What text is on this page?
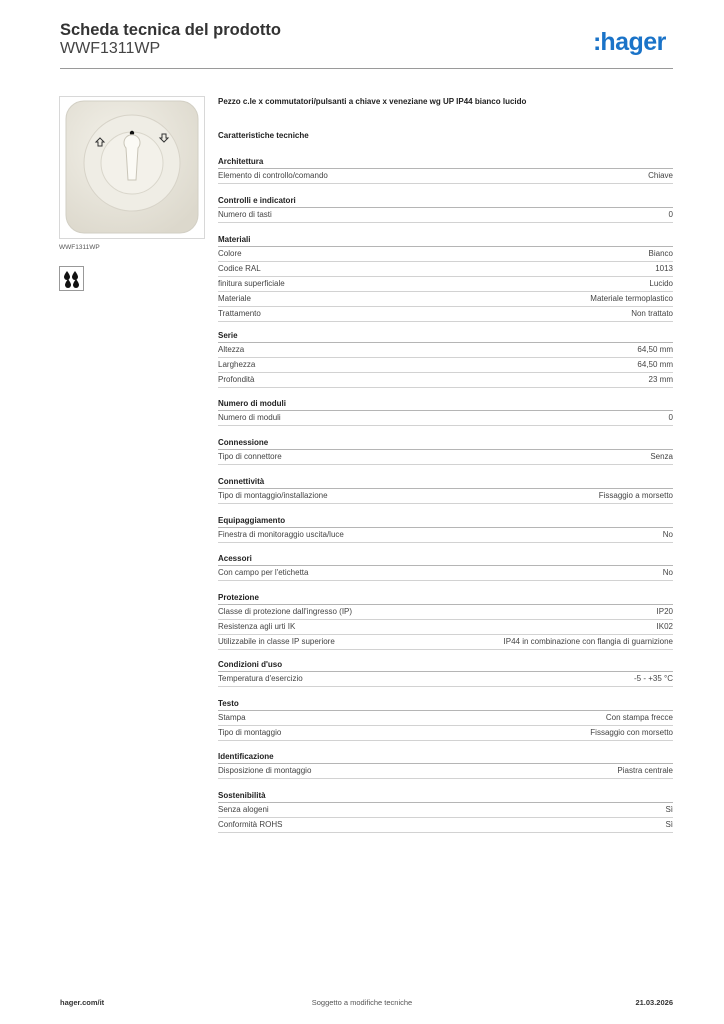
Scheda tecnica del prodotto
WWF1311WP	:hager
WWF1311WP
Pezzo c.le x commutatori/pulsanti a chiave x veneziane wg UP IP44 bianco lucido
Caratteristiche tecniche
Architettura
Elemento di controllo/comando	Chiave
Controlli e indicatori
Numero di tasti	0
Materiali
Colore	Bianco
Codice RAL	1013
finitura superficiale	Lucido
Materiale	Materiale termoplastico
Trattamento	Non trattato
Serie
Altezza	64,50 mm
Larghezza	64,50 mm
Profondità	23 mm
Numero di moduli
Numero di moduli	0
Connessione
Tipo di connettore	Senza
Connettività
Tipo di montaggio/installazione	Fissaggio a morsetto
Equipaggiamento
Finestra di monitoraggio uscita/luce	No
Acessori
Con campo per l'etichetta	No
Protezione
Classe di protezione dall'ingresso (IP)	IP20
Resistenza agli urti IK	IK02
Utilizzabile in classe IP superiore	IP44 in combinazione con flangia di guarnizione
Condizioni d'uso
Temperatura d'esercizio	-5 - +35 °C
Testo
Stampa	Con stampa frecce
Tipo di montaggio	Fissaggio con morsetto
Identificazione
Disposizione di montaggio	Piastra centrale
Sostenibilità
Senza alogeni	Sì
Conformità ROHS	Sì
hager.com/it	Soggetto a modifiche tecniche	21.03.2026
